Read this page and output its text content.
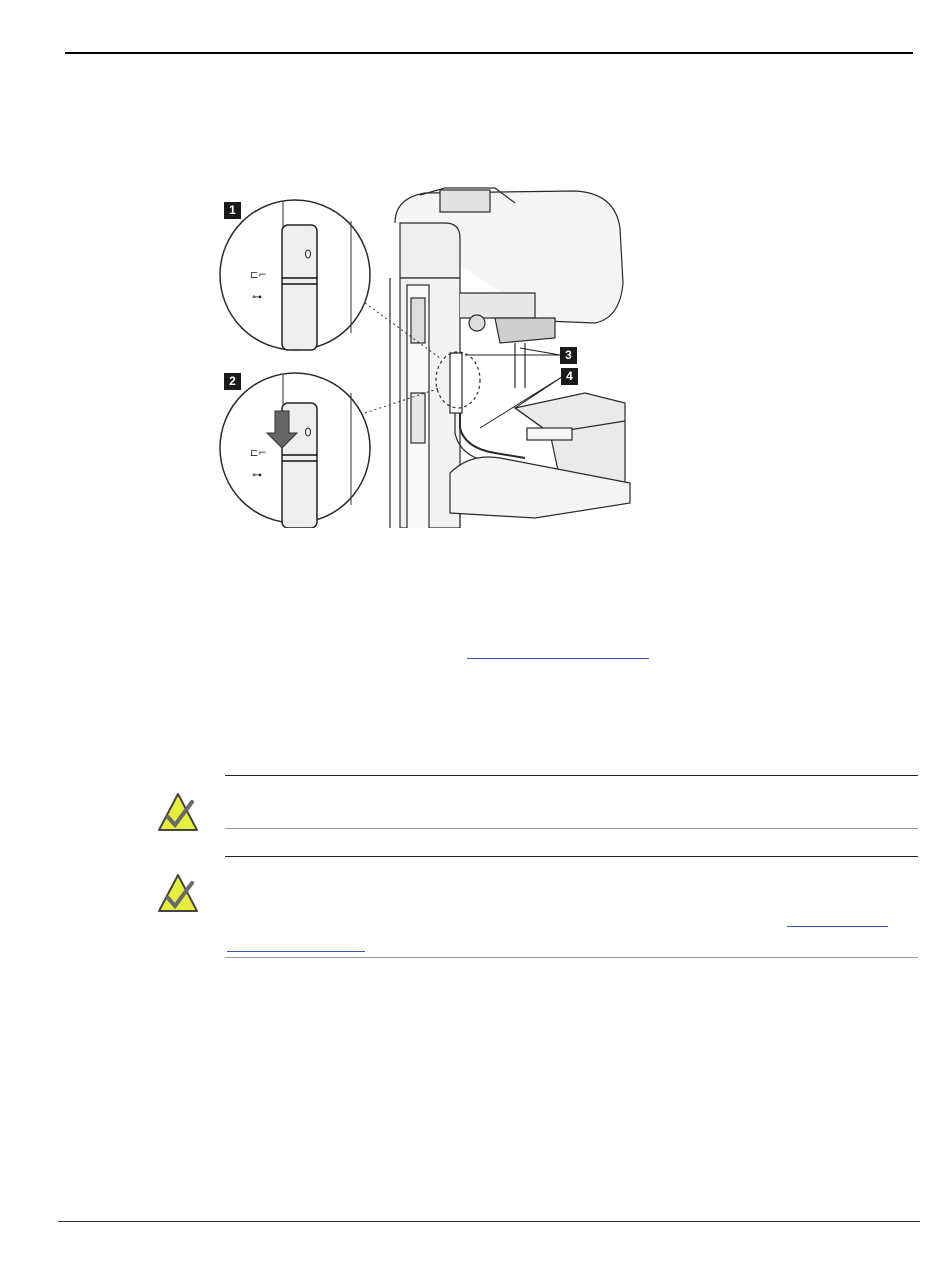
⊏⌐
⊶
⊏⌐
⊶
1
2
3
4
